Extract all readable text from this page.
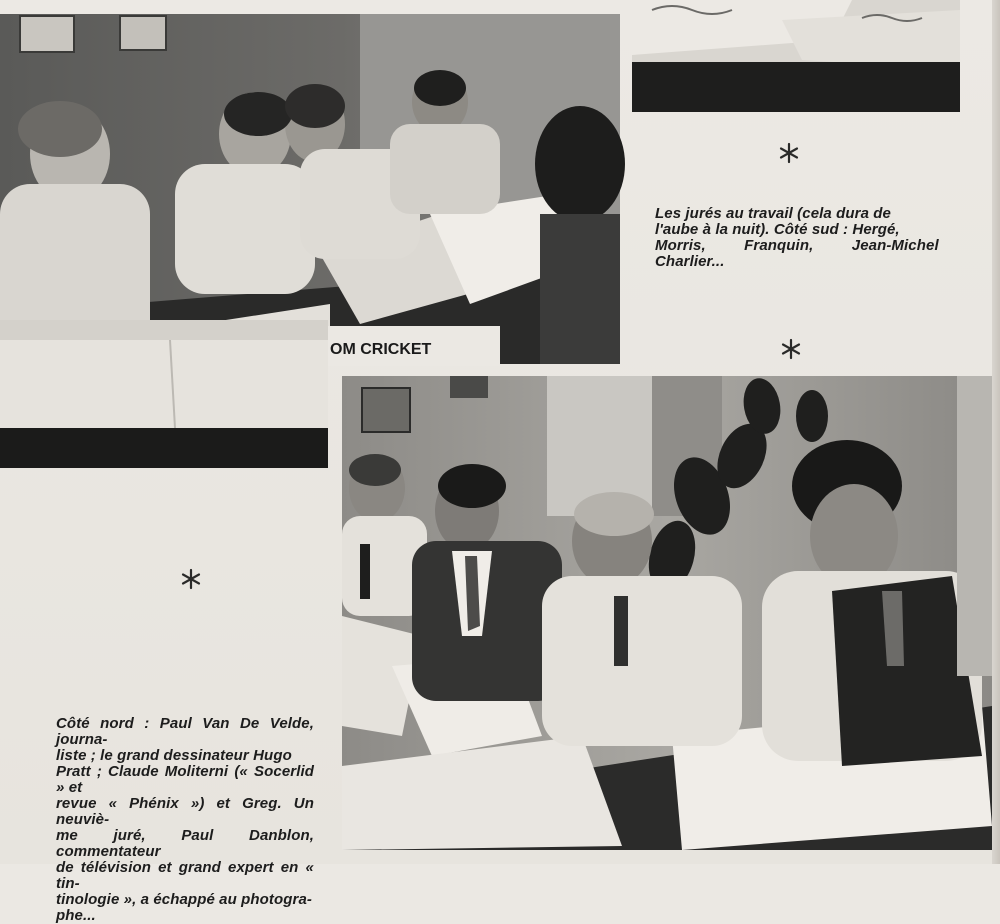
OM CRICKET
Les jurés au travail (cela dura de
l'aube à la nuit). Côté sud : Hergé,
Morris,         Franquin,         Jean-Michel
Charlier...
Côté nord : Paul Van De Velde, journa-
liste ; le grand dessinateur Hugo
Pratt ; Claude Moliterni (« Socerlid » et
revue « Phénix ») et Greg. Un neuviè-
me juré, Paul Danblon, commentateur
de télévision et grand expert en « tin-
tinologie », a échappé au photogra-
phe...
